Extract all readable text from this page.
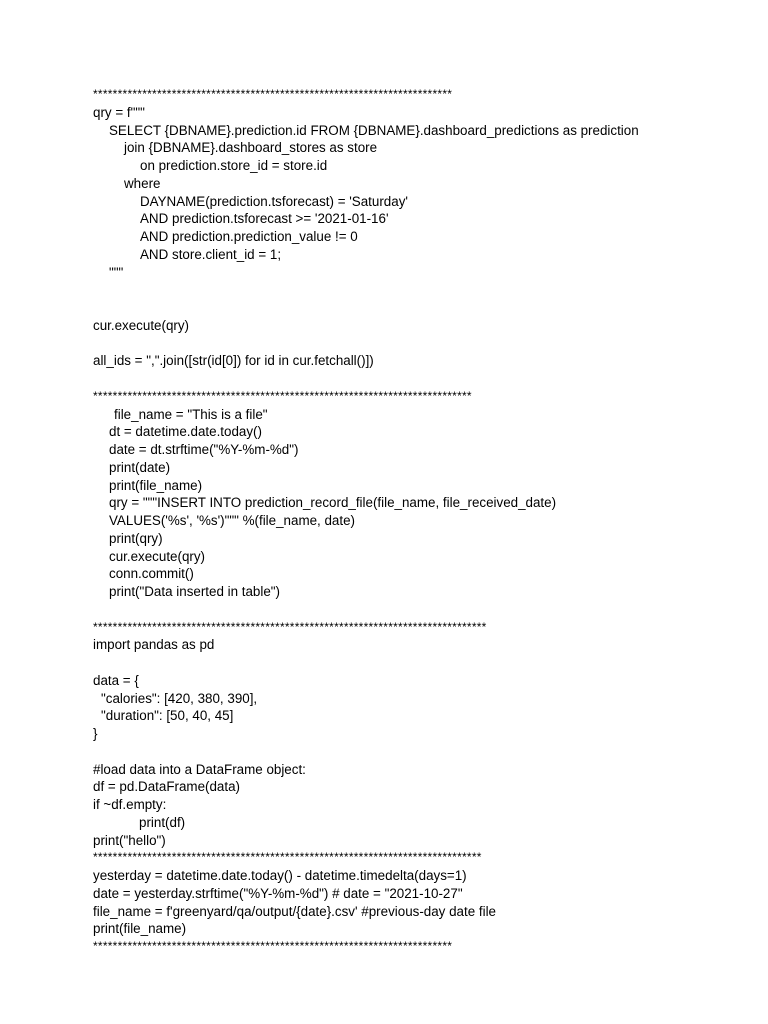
*************************************************************************
qry = f"""
SELECT {DBNAME}.prediction.id FROM {DBNAME}.dashboard_predictions as prediction
join {DBNAME}.dashboard_stores as store
on prediction.store_id = store.id
where
DAYNAME(prediction.tsforecast) = 'Saturday'
AND prediction.tsforecast >= '2021-01-16'
AND prediction.prediction_value != 0
AND store.client_id = 1;
"""
cur.execute(qry)
all_ids = ",".join([str(id[0]) for id in cur.fetchall()])
*****************************************************************************
file_name = "This is a file"
dt = datetime.date.today()
date = dt.strftime("%Y-%m-%d")
print(date)
print(file_name)
qry = """INSERT INTO prediction_record_file(file_name, file_received_date)
VALUES('%s', '%s')""" %(file_name, date)
print(qry)
cur.execute(qry)
conn.commit()
print("Data inserted in table")
********************************************************************************
import pandas as pd
data = {
"calories": [420, 380, 390],
"duration": [50, 40, 45]
}
#load data into a DataFrame object:
df = pd.DataFrame(data)
if ~df.empty:
print(df)
print("hello")
*******************************************************************************
yesterday = datetime.date.today() - datetime.timedelta(days=1)
date = yesterday.strftime("%Y-%m-%d") # date = "2021-10-27"
file_name = f'greenyard/qa/output/{date}.csv' #previous-day date file
print(file_name)
*************************************************************************
